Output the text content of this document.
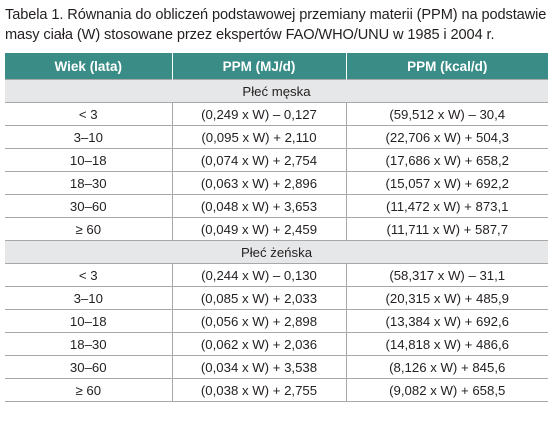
Tabela 1. Równania do obliczeń podstawowej przemiany materii (PPM) na podstawie masy ciała (W) stosowane przez ekspertów FAO/WHO/UNU w 1985 i 2004 r.
Wiek (lata)	PPM (MJ/d)	PPM (kcal/d)
Płeć męska		
< 3	(0,249 x W) – 0,127	(59,512 x W) – 30,4
3–10	(0,095 x W) + 2,110	(22,706 x W) + 504,3
10–18	(0,074 x W) + 2,754	(17,686 x W) + 658,2
18–30	(0,063 x W) + 2,896	(15,057 x W) + 692,2
30–60	(0,048 x W) + 3,653	(11,472 x W) + 873,1
≥ 60	(0,049 x W) + 2,459	(11,711 x W) + 587,7
Płeć żeńska		
< 3	(0,244 x W) – 0,130	(58,317 x W) – 31,1
3–10	(0,085 x W) + 2,033	(20,315 x W) + 485,9
10–18	(0,056 x W) + 2,898	(13,384 x W) + 692,6
18–30	(0,062 x W) + 2,036	(14,818 x W) + 486,6
30–60	(0,034 x W) + 3,538	(8,126 x W) + 845,6
≥ 60	(0,038 x W) + 2,755	(9,082 x W) + 658,5
